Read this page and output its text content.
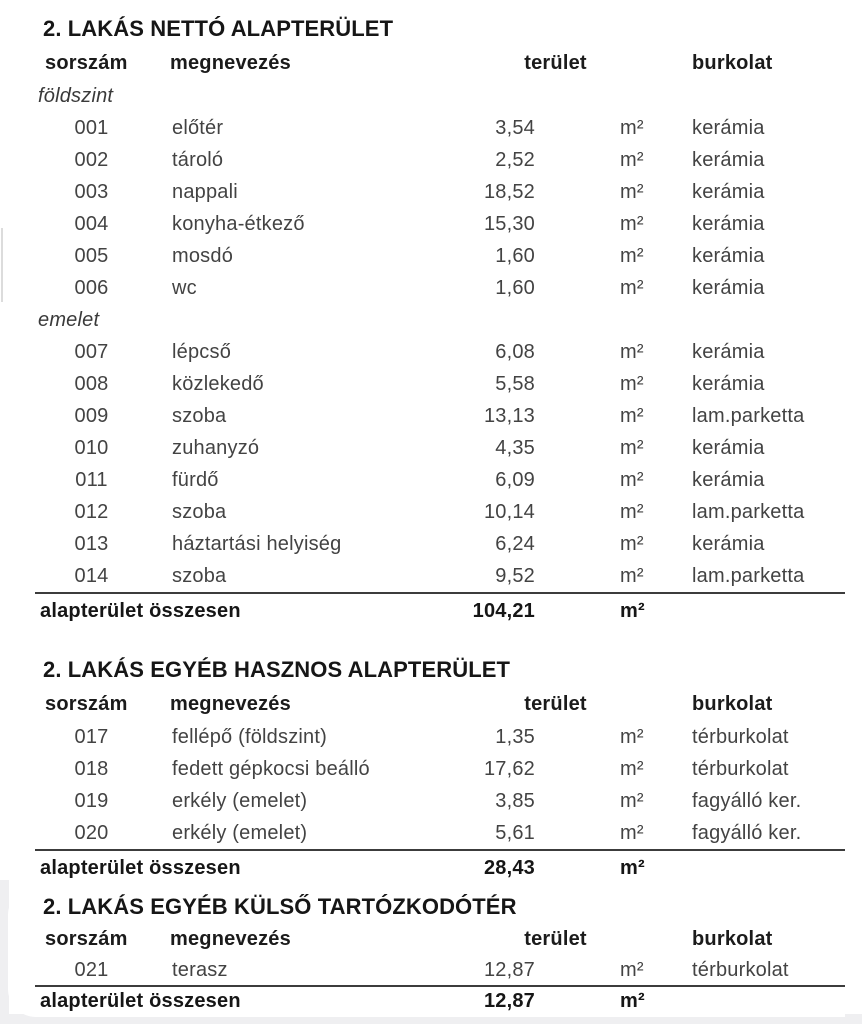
2. LAKÁS NETTÓ ALAPTERÜLET
sorszám	megnevezés	terület	burkolat
földszint
001	előtér	3,54	m²	kerámia
002	tároló	2,52	m²	kerámia
003	nappali	18,52	m²	kerámia
004	konyha-étkező	15,30	m²	kerámia
005	mosdó	1,60	m²	kerámia
006	wc	1,60	m²	kerámia
emelet
007	lépcső	6,08	m²	kerámia
008	közlekedő	5,58	m²	kerámia
009	szoba	13,13	m²	lam.parketta
010	zuhanyzó	4,35	m²	kerámia
011	fürdő	6,09	m²	kerámia
012	szoba	10,14	m²	lam.parketta
013	háztartási helyiség	6,24	m²	kerámia
014	szoba	9,52	m²	lam.parketta
alapterület összesen	104,21	m²
2. LAKÁS EGYÉB HASZNOS ALAPTERÜLET
sorszám	megnevezés	terület	burkolat
017	fellépő (földszint)	1,35	m²	térburkolat
018	fedett gépkocsi beálló	17,62	m²	térburkolat
019	erkély (emelet)	3,85	m²	fagyálló ker.
020	erkély (emelet)	5,61	m²	fagyálló ker.
alapterület összesen	28,43	m²
2. LAKÁS EGYÉB KÜLSŐ TARTÓZKODÓTÉR
sorszám	megnevezés	terület	burkolat
021	terasz	12,87	m²	térburkolat
alapterület összesen	12,87	m²
